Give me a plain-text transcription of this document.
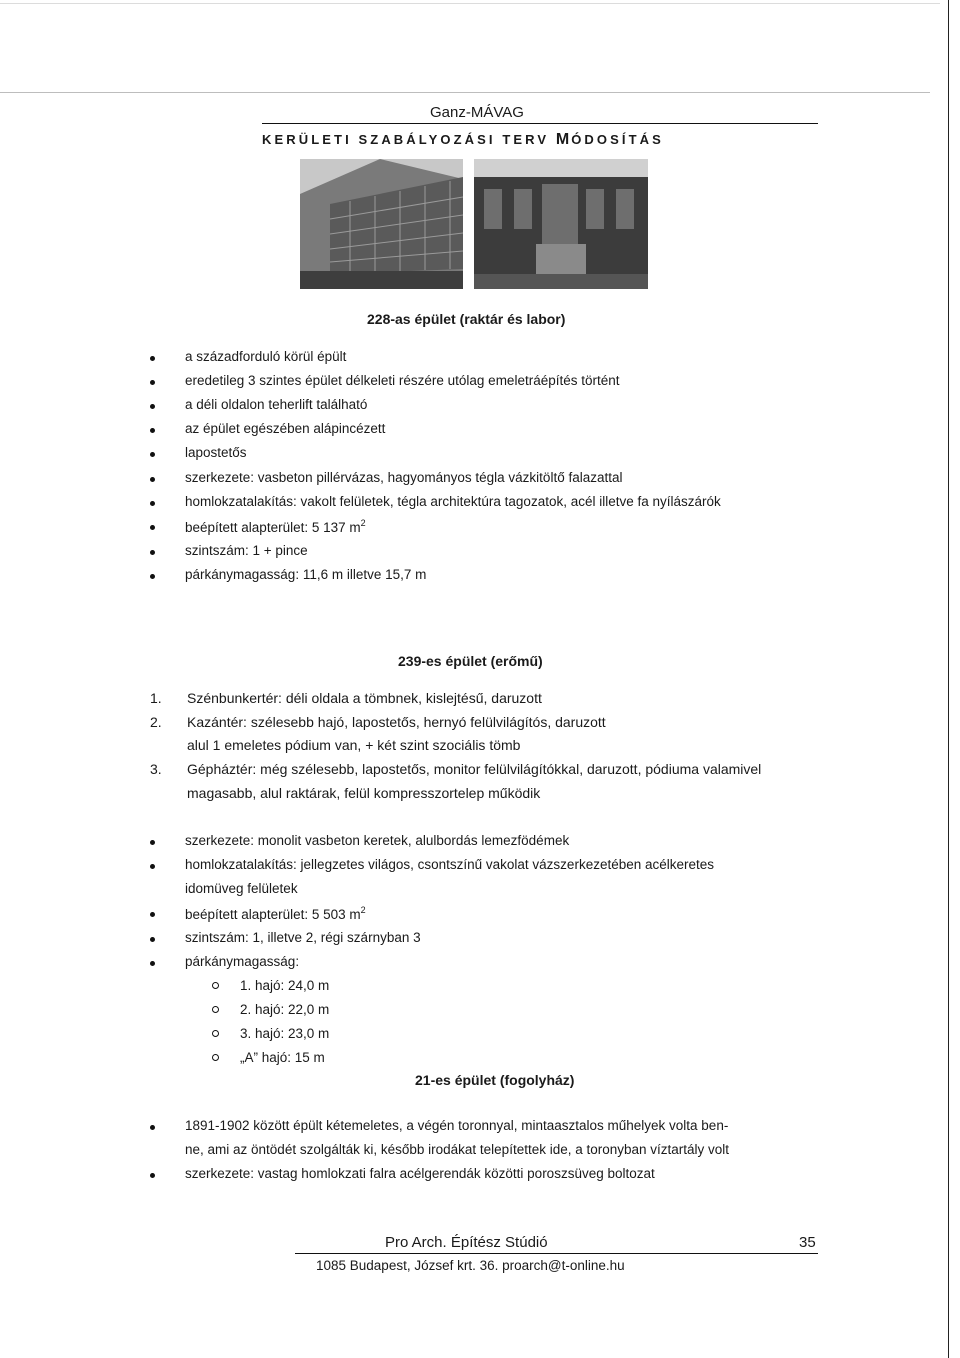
Ganz-MÁVAG
KERÜLETI SZABÁLYOZÁSI TERV MÓDOSÍTÁS
228-as épület (raktár és labor)
a századforduló körül épült
eredetileg 3 szintes épület délkeleti részére utólag emeletráépítés történt
a déli oldalon teherlift található
az épület egészében alápincézett
lapostetős
szerkezete: vasbeton pillérvázas, hagyományos tégla vázkitöltő falazattal
homlokzatalakítás: vakolt felületek, tégla architektúra tagozatok, acél illetve fa nyílászárók
beépített alapterület: 5 137 $m^2$
szintszám: 1 + pince
párkánymagasság: 11,6 m illetve 15,7 m
239-es épület (erőmű)
1. Szénbunkertér: déli oldala a tömbnek, kislejtésű, daruzott
2. Kazántér: szélesebb hajó, lapostetős, hernyó felülvilágítós, daruzott
alul 1 emeletes pódium van, + két szint szociális tömb
3. Gépháztér: még szélesebb, lapostetős, monitor felülvilágítókkal, daruzott, pódiuma valamivel
magasabb, alul raktárak, felül kompresszortelep működik
szerkezete: monolit vasbeton keretek, alulbordás lemezfödémek
homlokzatalakítás: jellegzetes világos, csontszínű vakolat vázszerkezetében acélkeretes
idomüveg felületek
beépített alapterület: 5 503 $m^2$
szintszám: 1, illetve 2, régi szárnyban 3
párkánymagasság:
1. hajó: 24,0 m
2. hajó: 22,0 m
3. hajó: 23,0 m
„A” hajó: 15 m
21-es épület (fogolyház)
1891-1902 között épült kétemeletes, a végén toronnyal, mintaasztalos műhelyek volta ben-
ne, ami az öntödét szolgálták ki, később irodákat telepítettek ide, a toronyban víztartály volt
szerkezete: vastag homlokzati falra acélgerendák közötti poroszsüveg boltozat
Pro Arch. Építész Stúdió	35
1085 Budapest, József krt. 36. proarch@t-online.hu
